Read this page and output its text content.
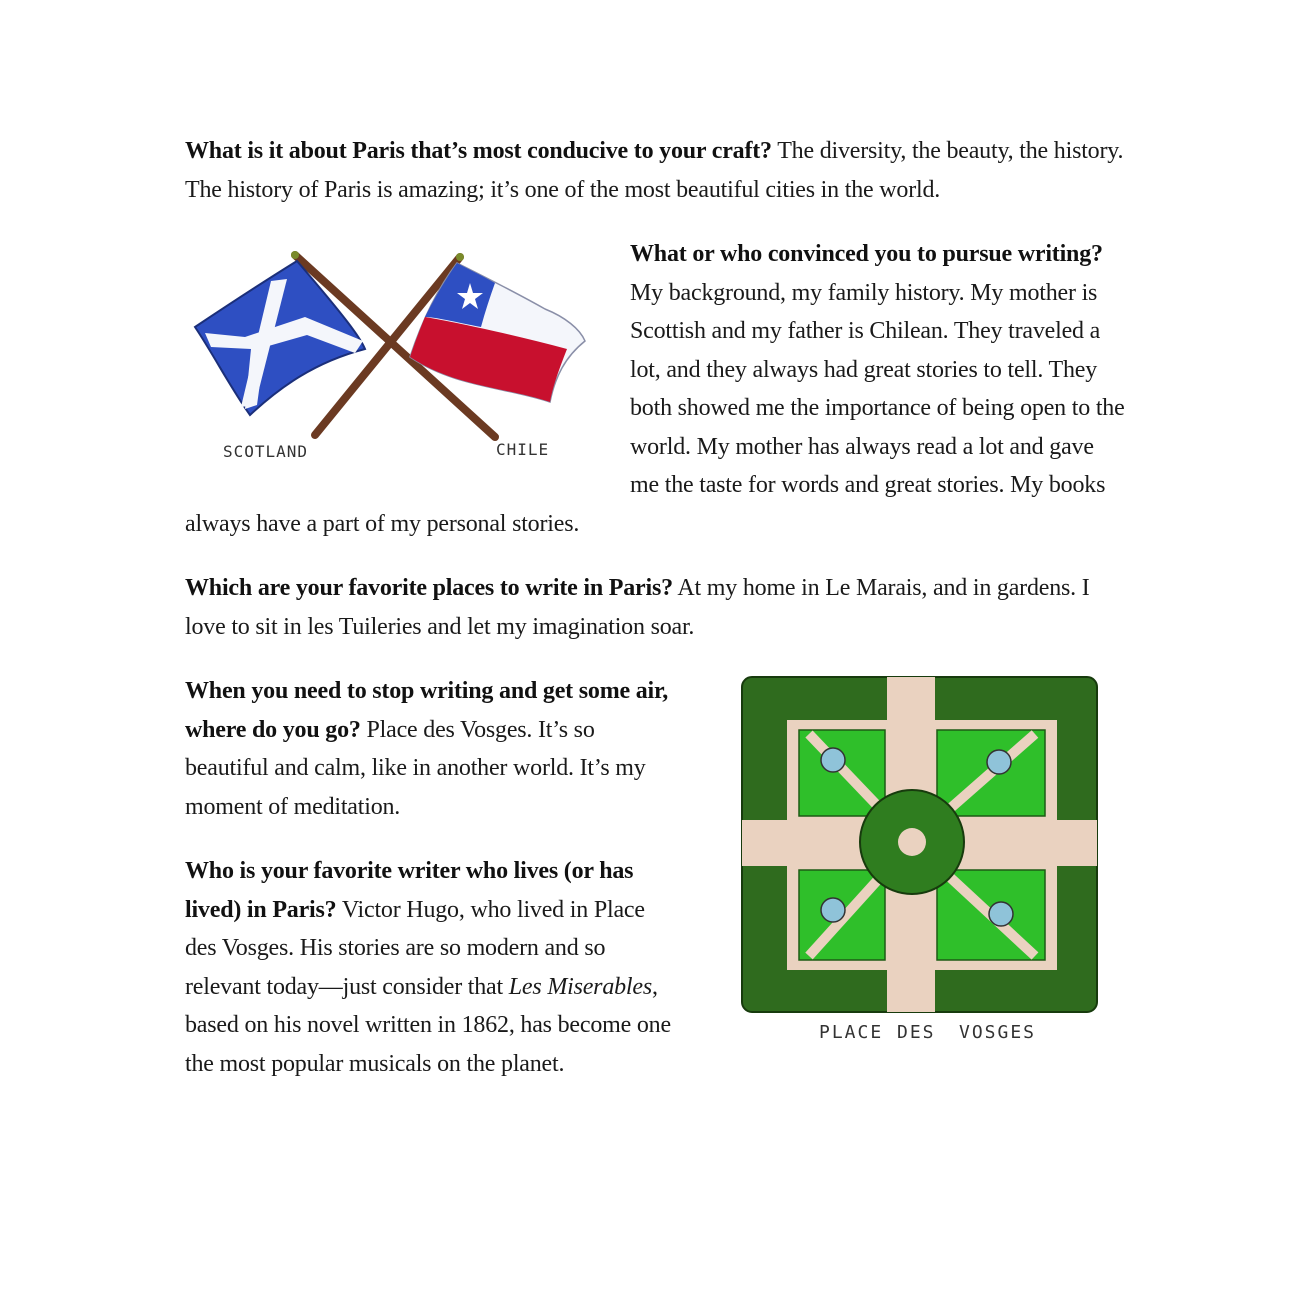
What is it about Paris that’s most conducive to your craft? The diversity, the beauty, the history. The history of Paris is amazing; it’s one of the most beautiful cities in the world.

SCOTLAND	CHILE

What or who convinced you to pursue writing? My background, my family history. My mother is Scottish and my father is Chilean. They traveled a lot, and they always had great stories to tell. They both showed me the importance of being open to the world. My mother has always read a lot and gave me the taste for words and great stories. My books always have a part of my personal stories.

Which are your favorite places to write in Paris? At my home in Le Marais, and in gardens. I love to sit in les Tuileries and let my imagination soar.

When you need to stop writing and get some air, where do you go? Place des Vosges. It’s so beautiful and calm, like in another world. It’s my moment of meditation.

Who is your favorite writer who lives (or has lived) in Paris? Victor Hugo, who lived in Place des Vosges. His stories are so modern and so relevant today—just consider that Les Miserables, based on his novel written in 1862, has become one the most popular musicals on the planet.

PLACE DES VOSGES
